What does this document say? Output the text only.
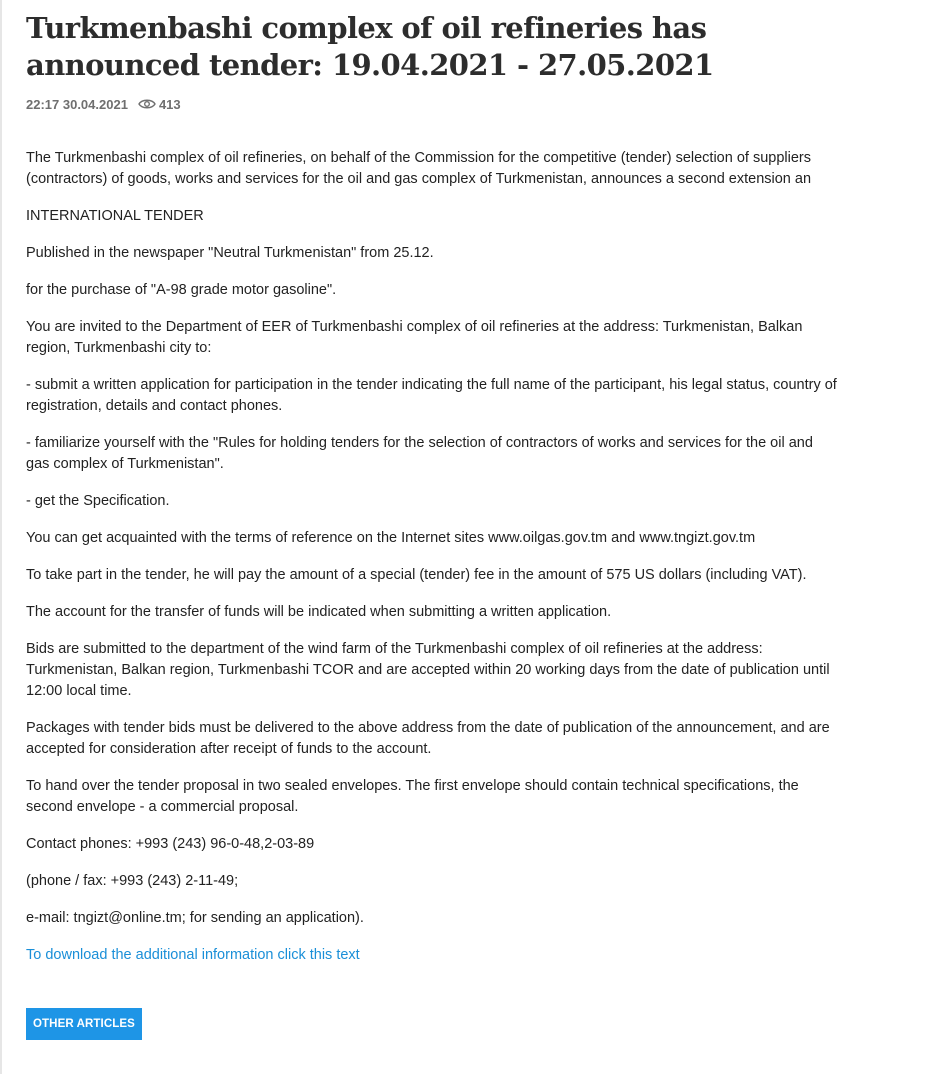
Turkmenbashi complex of oil refineries has announced tender: 19.04.2021 - 27.05.2021
22:17 30.04.2021 413

The Turkmenbashi complex of oil refineries, on behalf of the Commission for the competitive (tender) selection of suppliers (contractors) of goods, works and services for the oil and gas complex of Turkmenistan, announces a second extension an

INTERNATIONAL TENDER

Published in the newspaper "Neutral Turkmenistan" from 25.12.

for the purchase of "A-98 grade motor gasoline".

You are invited to the Department of EER of Turkmenbashi complex of oil refineries at the address: Turkmenistan, Balkan region, Turkmenbashi city to:

- submit a written application for participation in the tender indicating the full name of the participant, his legal status, country of registration, details and contact phones.

- familiarize yourself with the "Rules for holding tenders for the selection of contractors of works and services for the oil and gas complex of Turkmenistan".

- get the Specification.

You can get acquainted with the terms of reference on the Internet sites www.oilgas.gov.tm and www.tngizt.gov.tm

To take part in the tender, he will pay the amount of a special (tender) fee in the amount of 575 US dollars (including VAT).

The account for the transfer of funds will be indicated when submitting a written application.

Bids are submitted to the department of the wind farm of the Turkmenbashi complex of oil refineries at the address: Turkmenistan, Balkan region, Turkmenbashi TCOR and are accepted within 20 working days from the date of publication until 12:00 local time.

Packages with tender bids must be delivered to the above address from the date of publication of the announcement, and are accepted for consideration after receipt of funds to the account.

To hand over the tender proposal in two sealed envelopes. The first envelope should contain technical specifications, the second envelope - a commercial proposal.

Contact phones: +993 (243) 96-0-48,2-03-89

(phone / fax: +993 (243) 2-11-49;

e-mail: tngizt@online.tm; for sending an application).

To download the additional information click this text

OTHER ARTICLES
